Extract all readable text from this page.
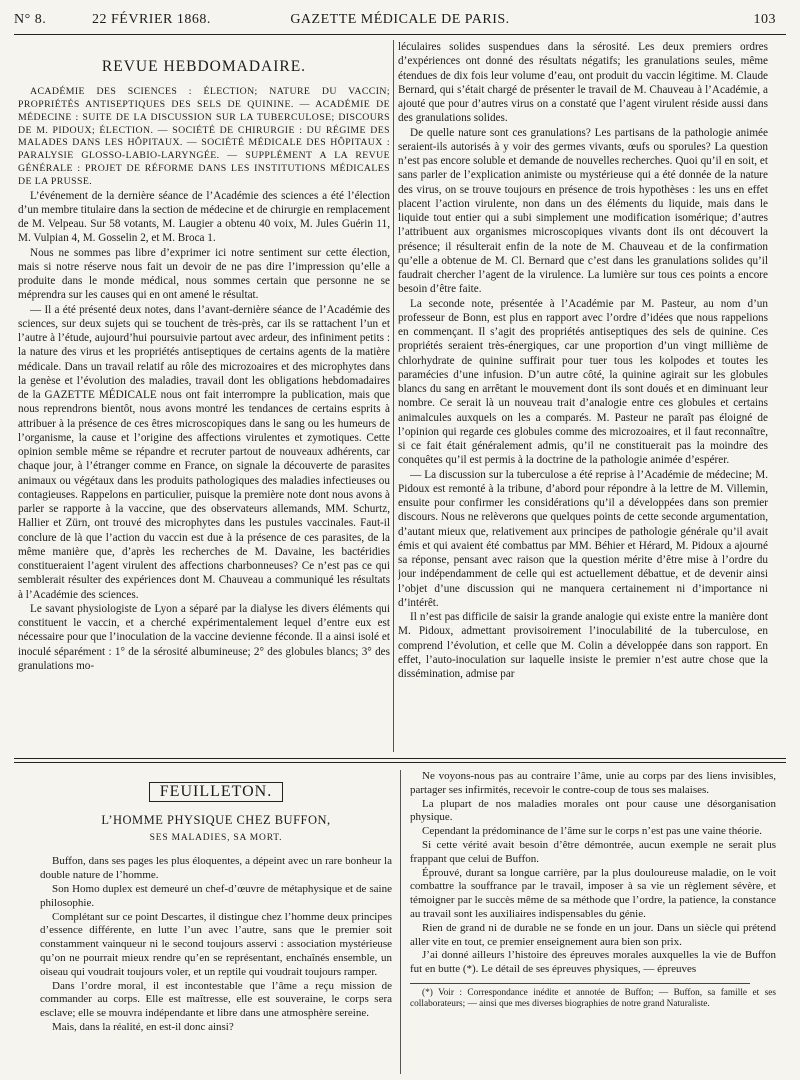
N° 8.	22 FÉVRIER 1868.	GAZETTE MÉDICALE DE PARIS.	103
REVUE HEBDOMADAIRE.

ACADÉMIE DES SCIENCES : ÉLECTION; NATURE DU VACCIN; PROPRIÉTÉS ANTISEPTIQUES DES SELS DE QUININE. — ACADÉMIE DE MÉDECINE : SUITE DE LA DISCUSSION SUR LA TUBERCULOSE; DISCOURS DE M. PIDOUX; ÉLECTION. — SOCIÉTÉ DE CHIRURGIE : DU RÉGIME DES MALADES DANS LES HÔPITAUX. — SOCIÉTÉ MÉDICALE DES HÔPITAUX : PARALYSIE GLOSSO-LABIO-LARYNGÉE. — SUPPLÉMENT A LA REVUE GÉNÉRALE : PROJET DE RÉFORME DANS LES INSTITUTIONS MÉDICALES DE LA PRUSSE.

L’événement de la dernière séance de l’Académie des sciences a été l’élection d’un membre titulaire dans la section de médecine et de chirurgie en remplacement de M. Velpeau. Sur 58 votants, M. Laugier a obtenu 40 voix, M. Jules Guérin 11, M. Vulpian 4, M. Gosselin 2, et M. Broca 1.

Nous ne sommes pas libre d’exprimer ici notre sentiment sur cette élection, mais si notre réserve nous fait un devoir de ne pas dire l’impression qu’elle a produite dans le monde médical, nous sommes certain que personne ne se méprendra sur les causes qui en ont amené le résultat.

— Il a été présenté deux notes, dans l’avant-dernière séance de l’Académie des sciences, sur deux sujets qui se touchent de très-près, car ils se rattachent l’un et l’autre à l’étude, aujourd’hui poursuivie partout avec ardeur, des infiniment petits : la nature des virus et les propriétés antiseptiques de certains agents de la matière médicale. Dans un travail relatif au rôle des microzoaires et des microphytes dans la genèse et l’évolution des maladies, travail dont les obligations hebdomadaires de la GAZETTE MÉDICALE nous ont fait interrompre la publication, mais que nous reprendrons bientôt, nous avons montré les tendances de certains esprits à attribuer à la présence de ces êtres microscopiques dans le sang ou les humeurs de l’organisme, la cause et l’origine des affections virulentes et zymotiques. Cette opinion semble même se répandre et recruter partout de nouveaux adhérents, car chaque jour, à l’étranger comme en France, on signale la découverte de parasites animaux ou végétaux dans les produits pathologiques des maladies infectieuses ou contagieuses. Rappelons en particulier, puisque la première note dont nous avons à parler se rapporte à la vaccine, que des observateurs allemands, MM. Schurtz, Hallier et Zürn, ont trouvé des microphytes dans les pustules vaccinales. Faut-il conclure de là que l’action du vaccin est due à la présence de ces parasites, de la même manière que, d’après les recherches de M. Davaine, les bactéridies constitueraient l’agent virulent des affections charbonneuses? Ce n’est pas ce qui semblerait résulter des expériences dont M. Chauveau a communiqué les résultats à l’Académie des sciences.

Le savant physiologiste de Lyon a séparé par la dialyse les divers éléments qui constituent le vaccin, et a cherché expérimentalement lequel d’entre eux est nécessaire pour que l’inoculation de la vaccine devienne féconde. Il a ainsi isolé et inoculé séparément : 1° de la sérosité albumineuse; 2° des globules blancs; 3° des granulations mo-

léculaires solides suspendues dans la sérosité. Les deux premiers ordres d’expériences ont donné des résultats négatifs; les granulations seules, même étendues de dix fois leur volume d’eau, ont produit du vaccin légitime. M. Claude Bernard, qui s’était chargé de présenter le travail de M. Chauveau à l’Académie, a ajouté que pour d’autres virus on a constaté que l’agent virulent réside aussi dans des granulations solides.

De quelle nature sont ces granulations? Les partisans de la pathologie animée seraient-ils autorisés à y voir des germes vivants, œufs ou sporules? La question n’est pas encore soluble et demande de nouvelles recherches. Quoi qu’il en soit, et sans parler de l’explication animiste ou mystérieuse qui a été donnée de la nature des virus, on se trouve toujours en présence de trois hypothèses : les uns en effet placent l’action virulente, non dans un des éléments du liquide, mais dans le liquide tout entier qui a subi simplement une modification isomérique; d’autres l’attribuent aux organismes microscopiques vivants dont ils ont découvert la présence; il résulterait enfin de la note de M. Chauveau et de la confirmation qu’elle a obtenue de M. Cl. Bernard que c’est dans les granulations solides qu’il faudrait chercher l’agent de la virulence. La lumière sur tous ces points a encore besoin d’être faite.

La seconde note, présentée à l’Académie par M. Pasteur, au nom d’un professeur de Bonn, est plus en rapport avec l’ordre d’idées que nous rappelions en commençant. Il s’agit des propriétés antiseptiques des sels de quinine. Ces propriétés seraient très-énergiques, car une proportion d’un vingt millième de chlorhydrate de quinine suffirait pour tuer tous les kolpodes et toutes les paramécies d’une infusion. D’un autre côté, la quinine agirait sur les globules blancs du sang en arrêtant le mouvement dont ils sont doués et en diminuant leur nombre. Ce serait là un nouveau trait d’analogie entre ces globules et certains animalcules auxquels on les a comparés. M. Pasteur ne paraît pas éloigné de l’opinion qui regarde ces globules comme des microzoaires, et il faut reconnaître, si ce fait était généralement admis, qu’il ne constituerait pas la moindre des conquêtes qu’il est permis à la doctrine de la pathologie animée d’espérer.

— La discussion sur la tuberculose a été reprise à l’Académie de médecine; M. Pidoux est remonté à la tribune, d’abord pour répondre à la lettre de M. Villemin, ensuite pour confirmer les considérations qu’il a développées dans son premier discours. Nous ne relèverons que quelques points de cette seconde argumentation, d’autant mieux que, relativement aux principes de pathologie générale qu’il avait émis et qui avaient été combattus par MM. Béhier et Hérard, M. Pidoux a ajourné sa réponse, pensant avec raison que la question mérite d’être mise à l’ordre du jour indépendamment de celle qui est actuellement débattue, et de devenir ainsi l’objet d’une discussion qui ne manquera certainement ni d’importance ni d’intérêt.

Il n’est pas difficile de saisir la grande analogie qui existe entre la manière dont M. Pidoux, admettant provisoirement l’inoculabilité de la tuberculose, en comprend l’évolution, et celle que M. Colin a développée dans son rapport. En effet, l’auto-inoculation sur laquelle insiste le premier n’est autre chose que la dissémination, admise par

FEUILLETON.
L’HOMME PHYSIQUE CHEZ BUFFON,
SES MALADIES, SA MORT.

Buffon, dans ses pages les plus éloquentes, a dépeint avec un rare bonheur la double nature de l’homme.

Son Homo duplex est demeuré un chef-d’œuvre de métaphysique et de saine philosophie.

Complétant sur ce point Descartes, il distingue chez l’homme deux principes d’essence différente, en lutte l’un avec l’autre, sans que le premier soit constamment vainqueur ni le second toujours asservi : association mystérieuse qu’on ne pourrait mieux rendre qu’en se représentant, enchaînés ensemble, un oiseau qui voudrait toujours voler, et un reptile qui voudrait toujours ramper.

Dans l’ordre moral, il est incontestable que l’âme a reçu mission de commander au corps. Elle est maîtresse, elle est souveraine, le corps sera esclave; elle se mouvra indépendante et libre dans une atmosphère sereine.

Mais, dans la réalité, en est-il donc ainsi?

Ne voyons-nous pas au contraire l’âme, unie au corps par des liens invisibles, partager ses infirmités, recevoir le contre-coup de tous ses malaises.

La plupart de nos maladies morales ont pour cause une désorganisation physique.

Cependant la prédominance de l’âme sur le corps n’est pas une vaine théorie.

Si cette vérité avait besoin d’être démontrée, aucun exemple ne serait plus frappant que celui de Buffon.

Éprouvé, durant sa longue carrière, par la plus douloureuse maladie, on le voit combattre la souffrance par le travail, imposer à sa vie un règlement sévère, et témoigner par le succès même de sa méthode que l’ordre, la patience, la constance au travail sont les auxiliaires indispensables du génie.

Rien de grand ni de durable ne se fonde en un jour. Dans un siècle qui prétend aller vite en tout, ce premier enseignement aura bien son prix.

J’ai donné ailleurs l’histoire des épreuves morales auxquelles la vie de Buffon fut en butte (*). Le détail de ses épreuves physiques, — épreuves

(*) Voir : Correspondance inédite et annotée de Buffon; — Buffon, sa famille et ses collaborateurs; — ainsi que mes diverses biographies de notre grand Naturaliste.
